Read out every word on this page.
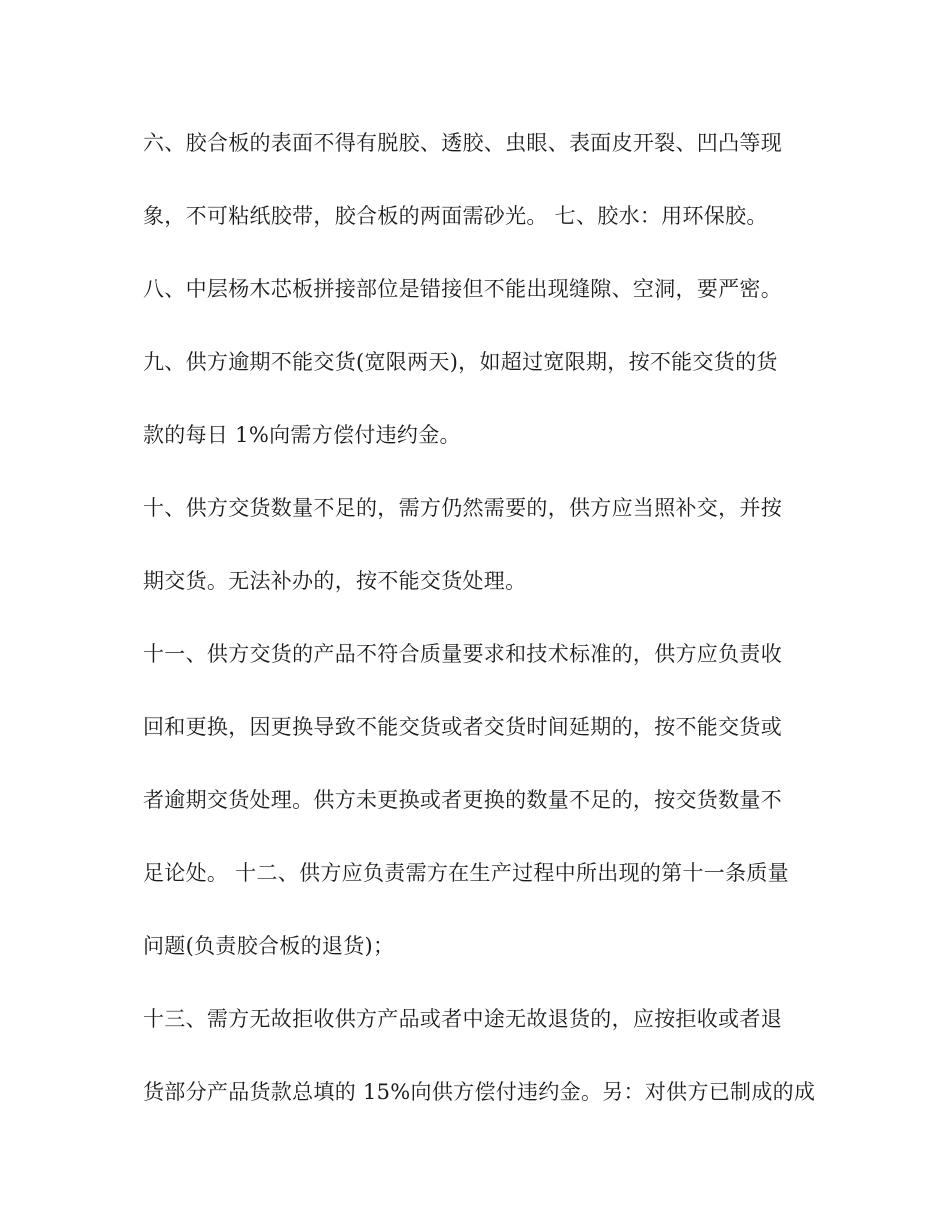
六、胶合板的表面不得有脱胶、透胶、虫眼、表面皮开裂、凹凸等现
象，不可粘纸胶带，胶合板的两面需砂光。 七、胶水：用环保胶。
八、中层杨木芯板拼接部位是错接但不能出现缝隙、空洞，要严密。
九、供方逾期不能交货(宽限两天)，如超过宽限期，按不能交货的货
款的每日 1%向需方偿付违约金。
十、供方交货数量不足的，需方仍然需要的，供方应当照补交，并按
期交货。无法补办的，按不能交货处理。
十一、供方交货的产品不符合质量要求和技术标准的，供方应负责收
回和更换，因更换导致不能交货或者交货时间延期的，按不能交货或
者逾期交货处理。供方未更换或者更换的数量不足的，按交货数量不
足论处。 十二、供方应负责需方在生产过程中所出现的第十一条质量
问题(负责胶合板的退货)；
十三、需方无故拒收供方产品或者中途无故退货的，应按拒收或者退
货部分产品货款总填的 15%向供方偿付违约金。另：对供方已制成的成
